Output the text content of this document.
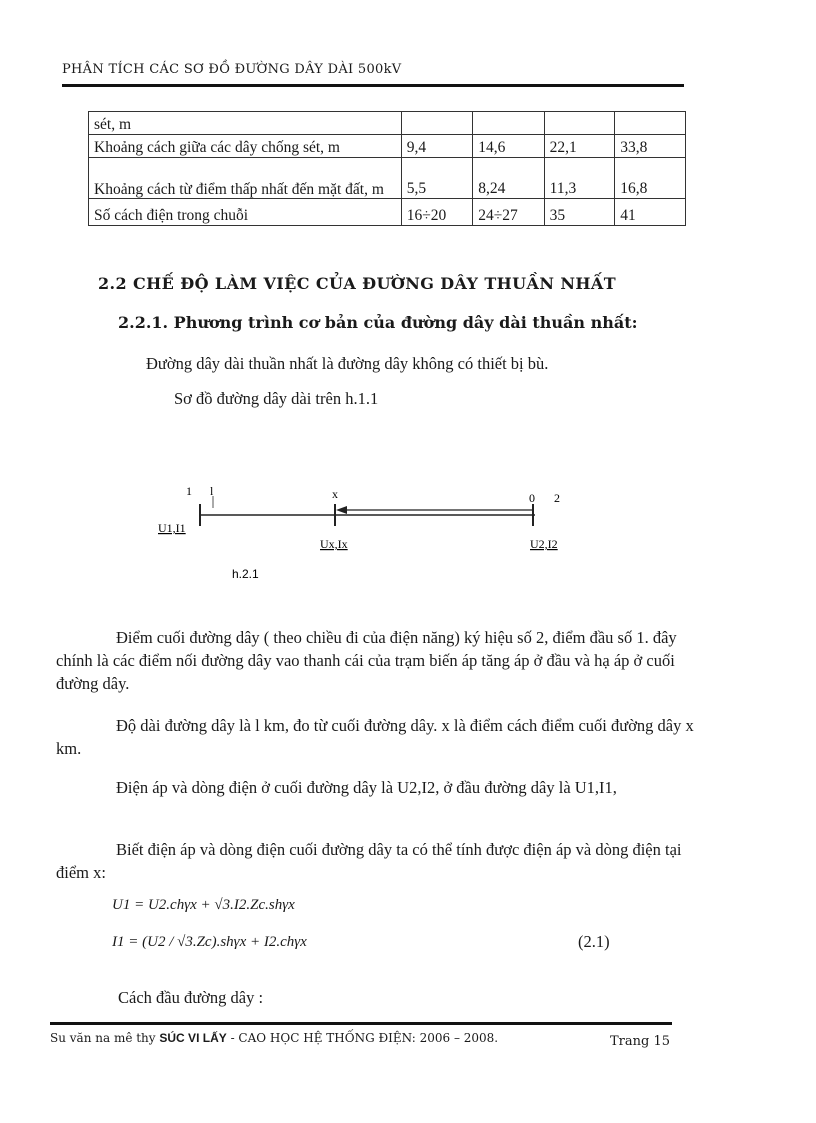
PHÂN TÍCH CÁC SƠ ĐỒ ĐƯỜNG DÂY DÀI 500kV
sét, m				
Khoảng cách giữa các dây chống sét, m	9,4	14,6	22,1	33,8
Khoảng cách từ điểm thấp nhất đến mặt đất, m	5,5	8,24	11,3	16,8
Số cách điện trong chuỗi	16÷20	24÷27	35	41
2.2 CHẾ ĐỘ LÀM VIỆC CỦA ĐƯỜNG DÂY THUẦN NHẤT
2.2.1. Phương trình cơ bản của đường dây dài thuần nhất:
Đường dây dài thuần nhất là đường dây không có thiết bị bù.
Sơ đồ đường dây dài trên h.1.1
1 l	x	0 2
U1,I1
Ux,Ix	U2,I2
h.2.1
Điểm cuối đường dây ( theo chiều đi của điện năng) ký hiệu số 2, điểm đầu số 1. đây chính là các điểm nối đường dây vao thanh cái của trạm biến áp tăng áp ở đầu và hạ áp ở cuối đường dây.
Độ dài đường dây là l km, đo từ cuối đường dây. x là điểm cách điểm cuối đường dây x km.
Điện áp và dòng điện ở cuối đường dây là U2,I2, ở đầu đường dây là U1,I1,
Biết điện áp và dòng điện cuối đường dây ta có thể tính được điện áp và dòng điện tại điểm x:
U1 = U2.chγx + √3.I2.Zc.shγx
I1 = (U2 / √3.Zc).shγx + I2.chγx	(2.1)
Cách đầu đường dây :
Su văn na mê thy SÚC VI LẤY - CAO HỌC HỆ THỐNG ĐIỆN: 2006 – 2008.	Trang 15
